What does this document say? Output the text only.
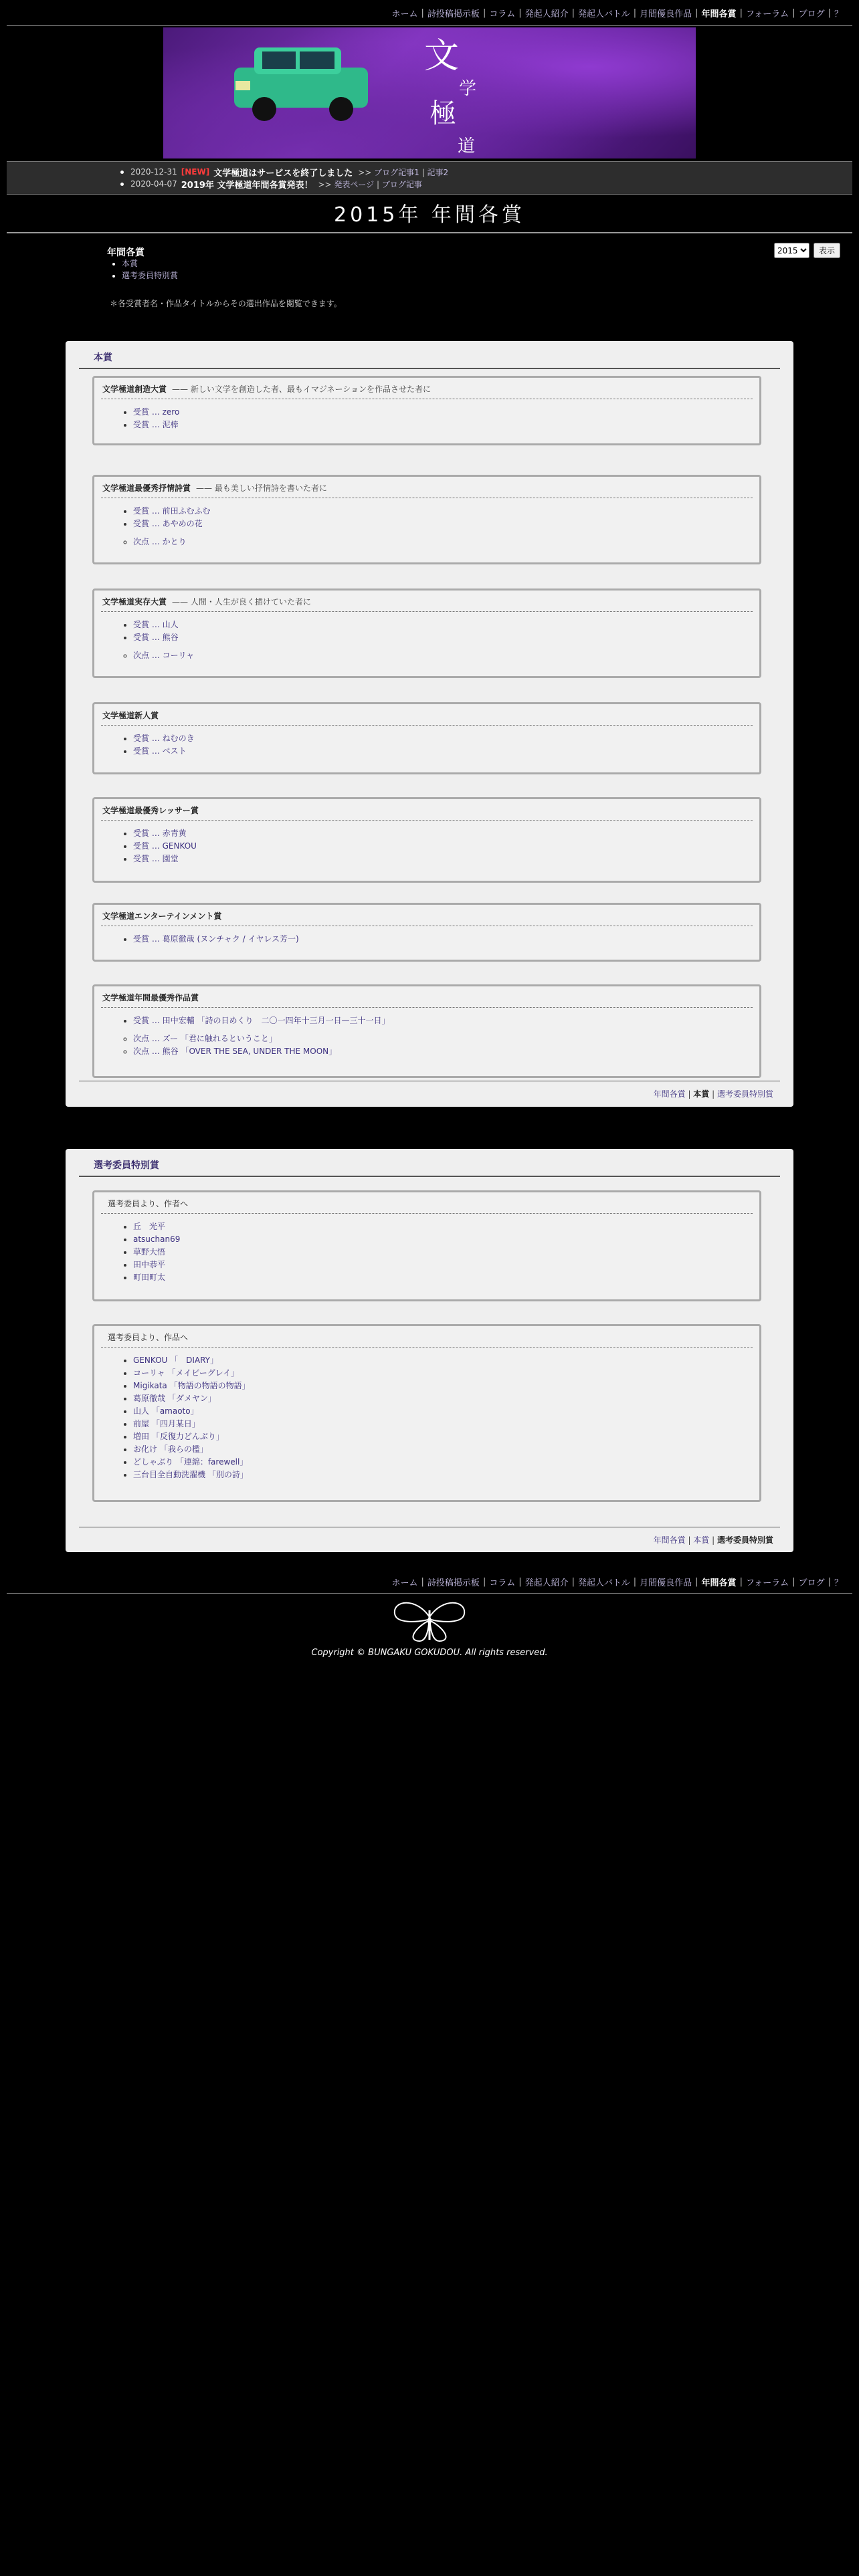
ホーム | 詩投稿掲示板 | コラム | 発起人紹介 | 発起人バトル | 月間優良作品 | 年間各賞 | フォーラム | ブログ | ？
文
学
極
道
2020-12-31 [NEW] 文学極道はサービスを終了しました >> ブログ記事1 | 記事2
2020-04-07 2019年 文学極道年間各賞発表！ >> 発表ページ | ブログ記事
2015年 年間各賞
年間各賞
• 本賞
• 選考委員特別賞
＊各受賞者名・作品タイトルからその選出作品を閲覧できます。
2015
表示
本賞
文学極道創造大賞 —— 新しい文学を創造した者、最もイマジネーションを作品させた者に
• 受賞 … zero
• 受賞 … 泥棒
文学極道最優秀抒情詩賞 —— 最も美しい抒情詩を書いた者に
• 受賞 … 前田ふむふむ
• 受賞 … あやめの花
◦ 次点 … かとり
文学極道実存大賞 —— 人間・人生が良く描けていた者に
• 受賞 … 山人
• 受賞 … 熊谷
◦ 次点 … コーリャ
文学極道新人賞
• 受賞 … ねむのき
• 受賞 … ベスト
文学極道最優秀レッサー賞
• 受賞 … 赤青黄
• 受賞 … GENKOU
• 受賞 … 園堂
文学極道エンターテインメント賞
• 受賞 … 葛原徹哉 (ヌンチャク / イヤレス芳一)
文学極道年間最優秀作品賞
• 受賞 … 田中宏輔 「詩の日めくり　二〇一四年十三月一日—三十一日」
◦ 次点 … ズー 「君に触れるということ」
◦ 次点 … 熊谷 「OVER THE SEA, UNDER THE MOON」
年間各賞 | 本賞 | 選考委員特別賞
選考委員特別賞
選考委員より、作者へ
• 丘　光平
• atsuchan69
• 草野大悟
• 田中恭平
• 町田町太
選考委員より、作品へ
• GENKOU 「　DIARY」
• コーリャ 「メイビーグレイ」
• Migikata 「物語の物語の物語」
• 葛原徹哉 「ダメヤン」
• 山人 「amaoto」
• 前屋 「四月某日」
• 増田 「反復力どんぶり」
• お化け 「我らの檻」
• どしゃぶり 「連綿：farewell」
• 三台目全自動洗濯機 「別の詩」
年間各賞 | 本賞 | 選考委員特別賞
ホーム | 詩投稿掲示板 | コラム | 発起人紹介 | 発起人バトル | 月間優良作品 | 年間各賞 | フォーラム | ブログ | ？
Copyright © BUNGAKU GOKUDOU. All rights reserved.
